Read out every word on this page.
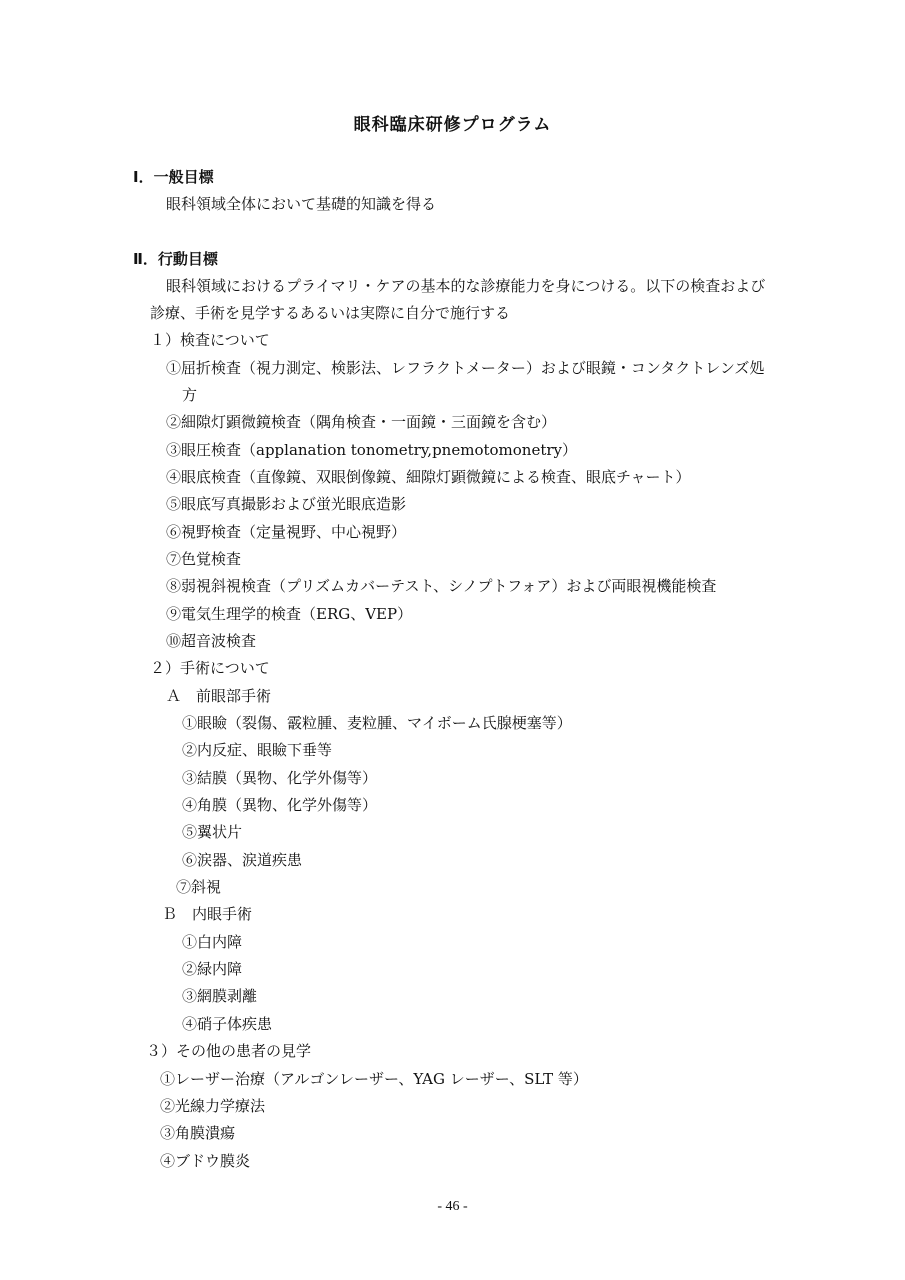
眼科臨床研修プログラム
Ⅰ．一般目標
眼科領域全体において基礎的知識を得る
Ⅱ．行動目標
眼科領域におけるプライマリ・ケアの基本的な診療能力を身につける。以下の検査および
診療、手術を見学するあるいは実際に自分で施行する
１）検査について
①屈折検査（視力測定、検影法、レフラクトメーター）および眼鏡・コンタクトレンズ処
方
②細隙灯顕微鏡検査（隅角検査・一面鏡・三面鏡を含む）
③眼圧検査（applanation tonometry,pnemotomonetry）
④眼底検査（直像鏡、双眼倒像鏡、細隙灯顕微鏡による検査、眼底チャート）
⑤眼底写真撮影および蛍光眼底造影
⑥視野検査（定量視野、中心視野）
⑦色覚検査
⑧弱視斜視検査（プリズムカバーテスト、シノプトフォア）および両眼視機能検査
⑨電気生理学的検査（ERG、VEP）
⑩超音波検査
２）手術について
Ａ　前眼部手術
①眼瞼（裂傷、霰粒腫、麦粒腫、マイボーム氏腺梗塞等）
②内反症、眼瞼下垂等
③結膜（異物、化学外傷等）
④角膜（異物、化学外傷等）
⑤翼状片
⑥涙器、涙道疾患
⑦斜視
Ｂ　内眼手術
①白内障
②緑内障
③網膜剥離
④硝子体疾患
３）その他の患者の見学
①レーザー治療（アルゴンレーザー、YAG レーザー、SLT 等）
②光線力学療法
③角膜潰瘍
④ブドウ膜炎
- 46 -
